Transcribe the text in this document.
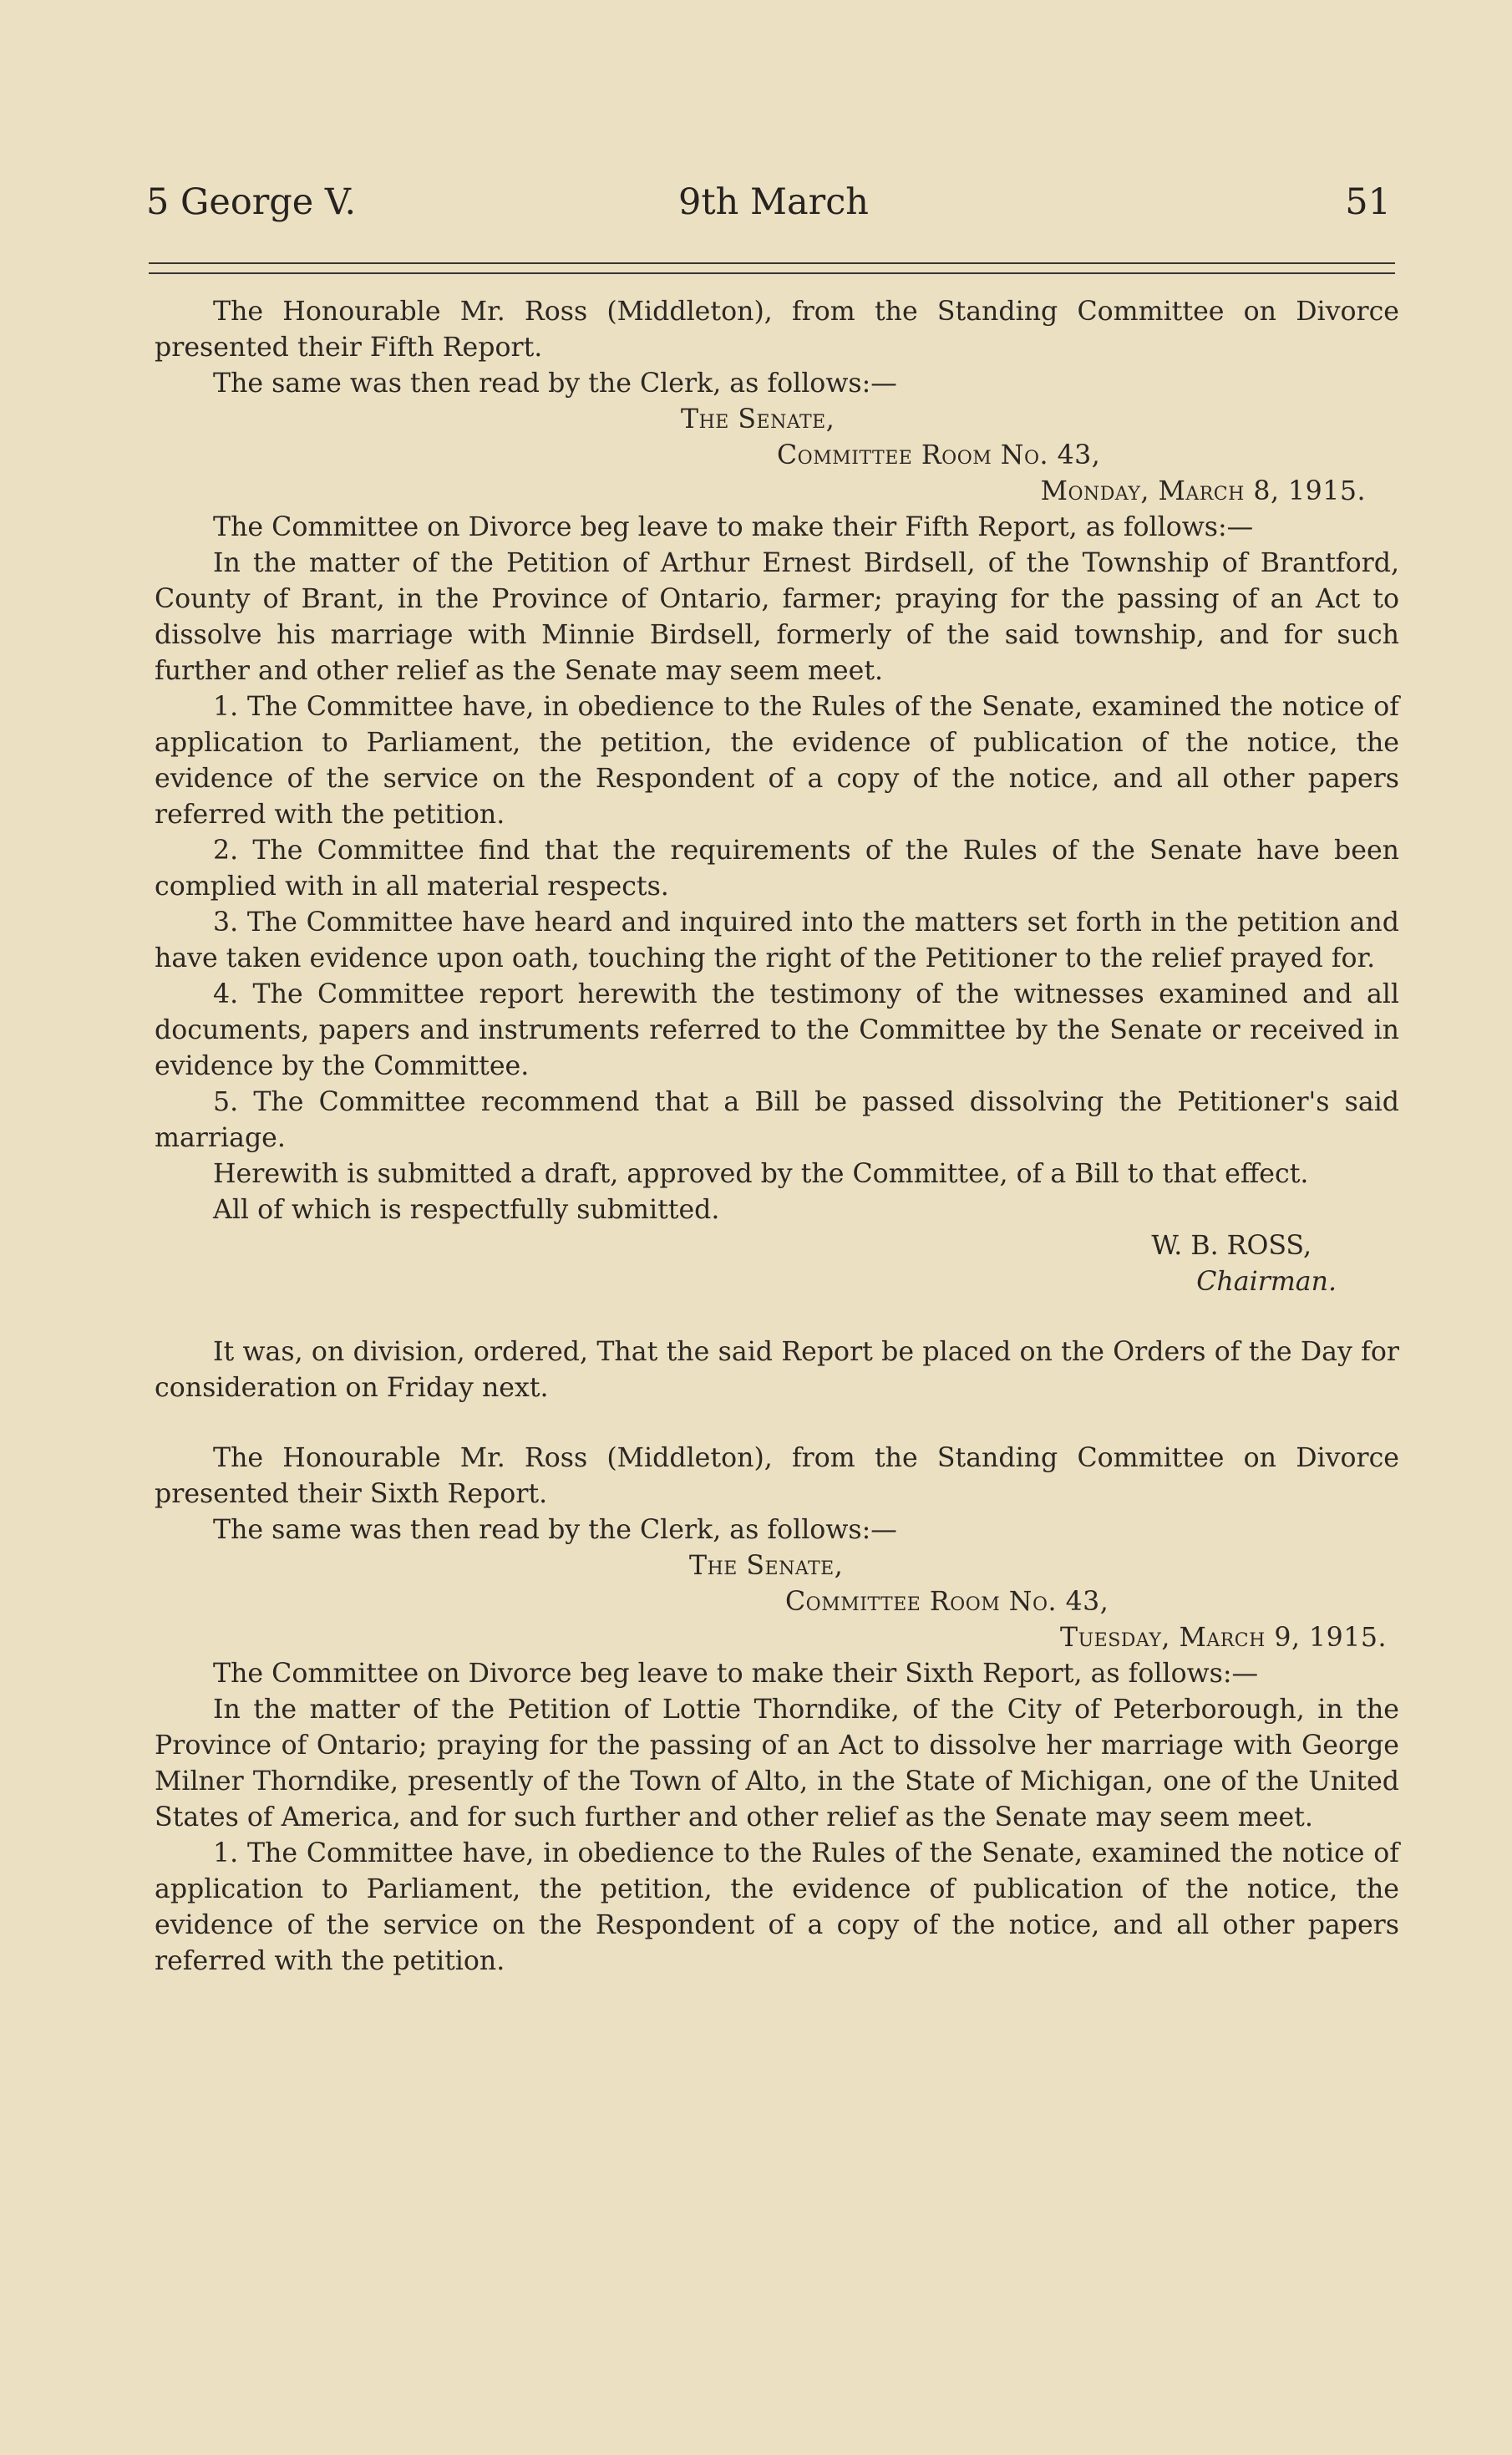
5 George V.	9th March	51

The Honourable Mr. Ross (Middleton), from the Standing Committee on Divorce presented their Fifth Report.

The same was then read by the Clerk, as follows:—

The Senate,

Committee Room No. 43,

Monday, March 8, 1915.

The Committee on Divorce beg leave to make their Fifth Report, as follows:—

In the matter of the Petition of Arthur Ernest Birdsell, of the Township of Brantford, County of Brant, in the Province of Ontario, farmer; praying for the passing of an Act to dissolve his marriage with Minnie Birdsell, formerly of the said township, and for such further and other relief as the Senate may seem meet.

1. The Committee have, in obedience to the Rules of the Senate, examined the notice of application to Parliament, the petition, the evidence of publication of the notice, the evidence of the service on the Respondent of a copy of the notice, and all other papers referred with the petition.

2. The Committee find that the requirements of the Rules of the Senate have been complied with in all material respects.

3. The Committee have heard and inquired into the matters set forth in the petition and have taken evidence upon oath, touching the right of the Petitioner to the relief prayed for.

4. The Committee report herewith the testimony of the witnesses examined and all documents, papers and instruments referred to the Committee by the Senate or received in evidence by the Committee.

5. The Committee recommend that a Bill be passed dissolving the Petitioner's said marriage.

Herewith is submitted a draft, approved by the Committee, of a Bill to that effect.

All of which is respectfully submitted.

W. B. ROSS,

Chairman.

It was, on division, ordered, That the said Report be placed on the Orders of the Day for consideration on Friday next.

The Honourable Mr. Ross (Middleton), from the Standing Committee on Divorce presented their Sixth Report.

The same was then read by the Clerk, as follows:—

The Senate,

Committee Room No. 43,

Tuesday, March 9, 1915.

The Committee on Divorce beg leave to make their Sixth Report, as follows:—

In the matter of the Petition of Lottie Thorndike, of the City of Peterborough, in the Province of Ontario; praying for the passing of an Act to dissolve her marriage with George Milner Thorndike, presently of the Town of Alto, in the State of Michigan, one of the United States of America, and for such further and other relief as the Senate may seem meet.

1. The Committee have, in obedience to the Rules of the Senate, examined the notice of application to Parliament, the petition, the evidence of publication of the notice, the evidence of the service on the Respondent of a copy of the notice, and all other papers referred with the petition.
